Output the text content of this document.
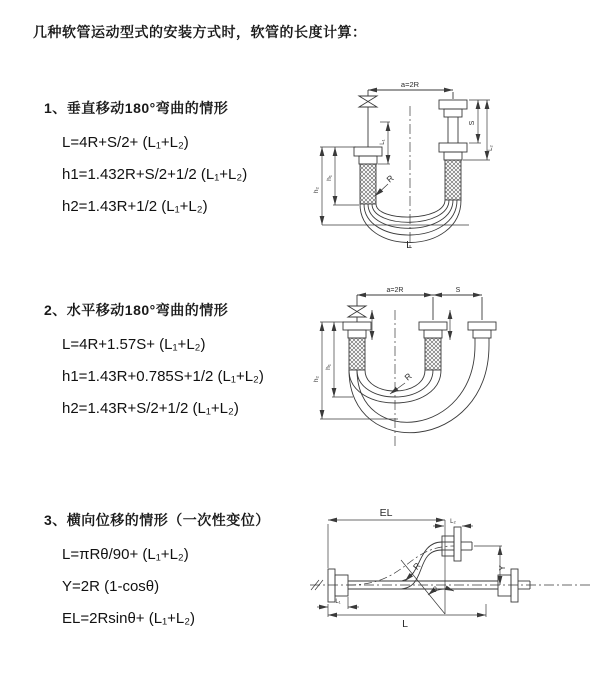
几种软管运动型式的安装方式时，软管的长度计算：
1、垂直移动180°弯曲的情形
L=4R+S/2+ (L₁+L₂)
h1=1.432R+S/2+1/2 (L₁+L₂)
h2=1.43R+1/2 (L₁+L₂)
2、水平移动180°弯曲的情形
L=4R+1.57S+ (L₁+L₂)
h1=1.43R+0.785S+1/2 (L₁+L₂)
h2=1.43R+S/2+1/2 (L₁+L₂)
3、横向位移的情形（一次性变位）
L=πRθ/90+ (L₁+L₂)
Y=2R (1-cosθ)
EL=2Rsinθ+ (L₁+L₂)
a=2R
h₂
h₁
L₁
S
L₂
R
L
a=2R	S
h₂
h₁
R
EL
L₂
Y
R
θ
L
L₁
